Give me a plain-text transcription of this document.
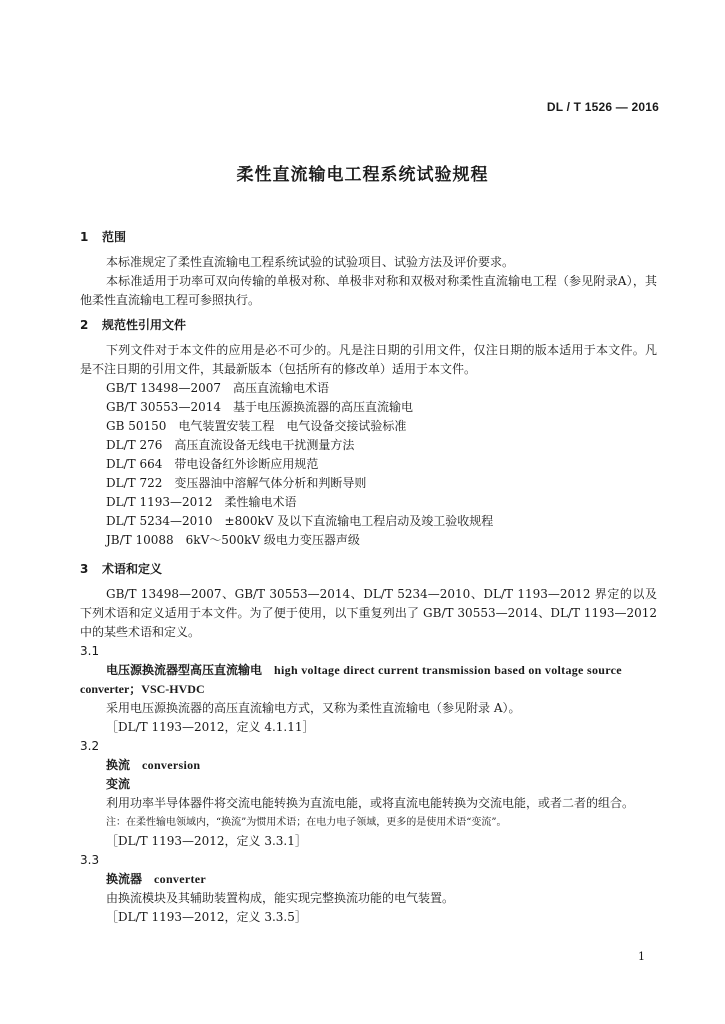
DL / T 1526 — 2016
柔性直流输电工程系统试验规程
1 范围

本标准规定了柔性直流输电工程系统试验的试验项目、试验方法及评价要求。

本标准适用于功率可双向传输的单极对称、单极非对称和双极对称柔性直流输电工程（参见附录A），其他柔性直流输电工程可参照执行。

2 规范性引用文件

下列文件对于本文件的应用是必不可少的。凡是注日期的引用文件，仅注日期的版本适用于本文件。凡是不注日期的引用文件，其最新版本（包括所有的修改单）适用于本文件。

GB/T 13498—2007　高压直流输电术语

GB/T 30553—2014　基于电压源换流器的高压直流输电

GB 50150　电气装置安装工程　电气设备交接试验标准

DL/T 276　高压直流设备无线电干扰测量方法

DL/T 664　带电设备红外诊断应用规范

DL/T 722　变压器油中溶解气体分析和判断导则

DL/T 1193—2012　柔性输电术语

DL/T 5234—2010　±800kV 及以下直流输电工程启动及竣工验收规程

JB/T 10088　6kV～500kV 级电力变压器声级

3 术语和定义

GB/T 13498—2007、GB/T 30553—2014、DL/T 5234—2010、DL/T 1193—2012 界定的以及下列术语和定义适用于本文件。为了便于使用，以下重复列出了 GB/T 30553—2014、DL/T 1193—2012 中的某些术语和定义。

3.1

电压源换流器型高压直流输电　 high voltage direct current transmission based on voltage source

converter；VSC-HVDC

采用电压源换流器的高压直流输电方式，又称为柔性直流输电（参见附录 A）。

［DL/T 1193—2012，定义 4.1.11］

3.2

换流　 conversion

变流

利用功率半导体器件将交流电能转换为直流电能，或将直流电能转换为交流电能，或者二者的组合。

注：在柔性输电领域内，“换流”为惯用术语；在电力电子领域，更多的是使用术语“变流”。

［DL/T 1193—2012，定义 3.3.1］

3.3

换流器　 converter

由换流模块及其辅助装置构成，能实现完整换流功能的电气装置。

［DL/T 1193—2012，定义 3.3.5］

1
